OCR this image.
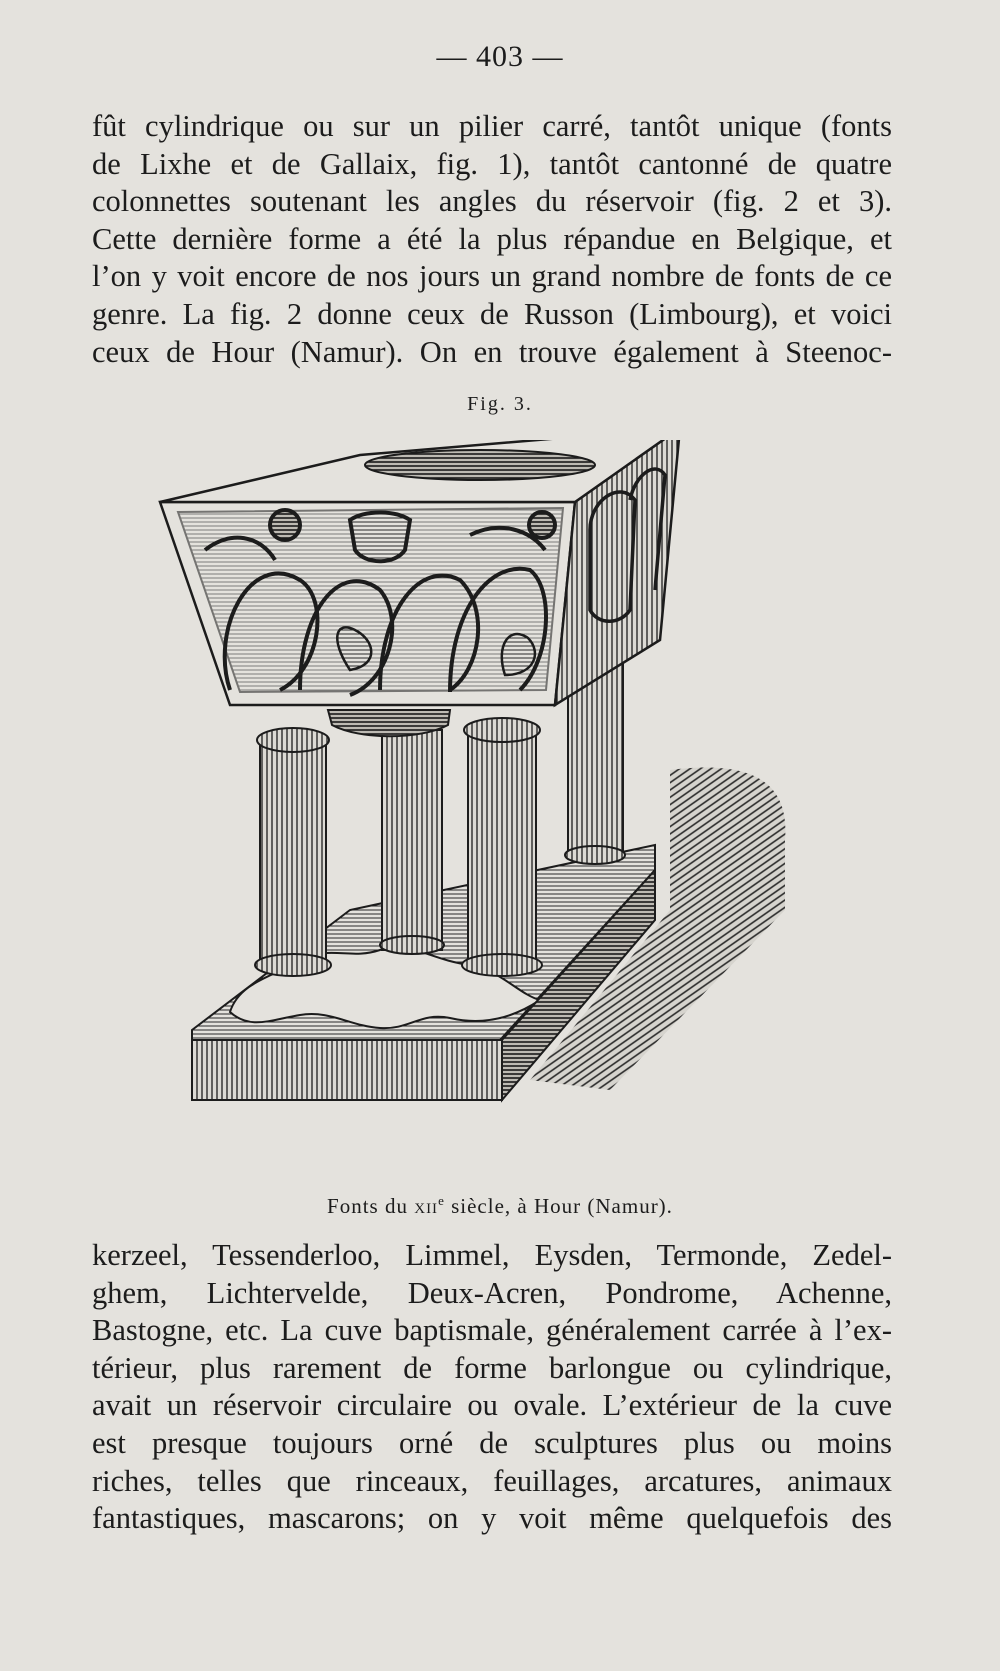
— 403 —
fût cylindrique ou sur un pilier carré, tantôt unique (fonts
de Lixhe et de Gallaix, fig. 1), tantôt cantonné de quatre
colonnettes soutenant les angles du réservoir (fig. 2 et 3).
Cette dernière forme a été la plus répandue en Belgique, et
l’on y voit encore de nos jours un grand nombre de fonts de ce
genre. La fig. 2 donne ceux de Russon (Limbourg), et voici
ceux de Hour (Namur). On en trouve également à Steenoc-
Fig. 3.
Fonts du xii$^e$ siècle, à Hour (Namur).
kerzeel, Tessenderloo, Limmel, Eysden, Termonde, Zedel-
ghem, Lichtervelde, Deux-Acren, Pondrome, Achenne,
Bastogne, etc. La cuve baptismale, généralement carrée à l’ex-
térieur, plus rarement de forme barlongue ou cylindrique,
avait un réservoir circulaire ou ovale. L’extérieur de la cuve
est presque toujours orné de sculptures plus ou moins
riches, telles que rinceaux, feuillages, arcatures, animaux
fantastiques, mascarons; on y voit même quelquefois des
